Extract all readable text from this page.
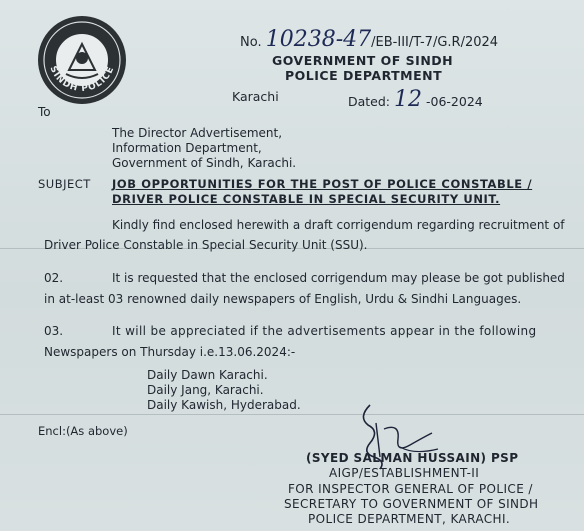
SINDH POLICE
No. 10238-47/EB-III/T-7/G.R/2024
GOVERNMENT OF SINDH
POLICE DEPARTMENT
Karachi	Dated: 12 -06-2024
To
The Director Advertisement,
Information Department,
Government of Sindh, Karachi.
SUBJECT JOB OPPORTUNITIES FOR THE POST OF POLICE CONSTABLE /
DRIVER POLICE CONSTABLE IN SPECIAL SECURITY UNIT.
Kindly find enclosed herewith a draft corrigendum regarding recruitment of
Driver Police Constable in Special Security Unit (SSU).
02.	It is requested that the enclosed corrigendum may please be got published
in at-least 03 renowned daily newspapers of English, Urdu & Sindhi Languages.
03.	It will be appreciated if the advertisements appear in the following
Newspapers on Thursday i.e.13.06.2024:-
Daily Dawn Karachi.
Daily Jang, Karachi.
Daily Kawish, Hyderabad.
Encl:(As above)
(SYED SALMAN HUSSAIN) PSP
AIGP/ESTABLISHMENT-II
FOR INSPECTOR GENERAL OF POLICE /
SECRETARY TO GOVERNMENT OF SINDH
POLICE DEPARTMENT, KARACHI.
